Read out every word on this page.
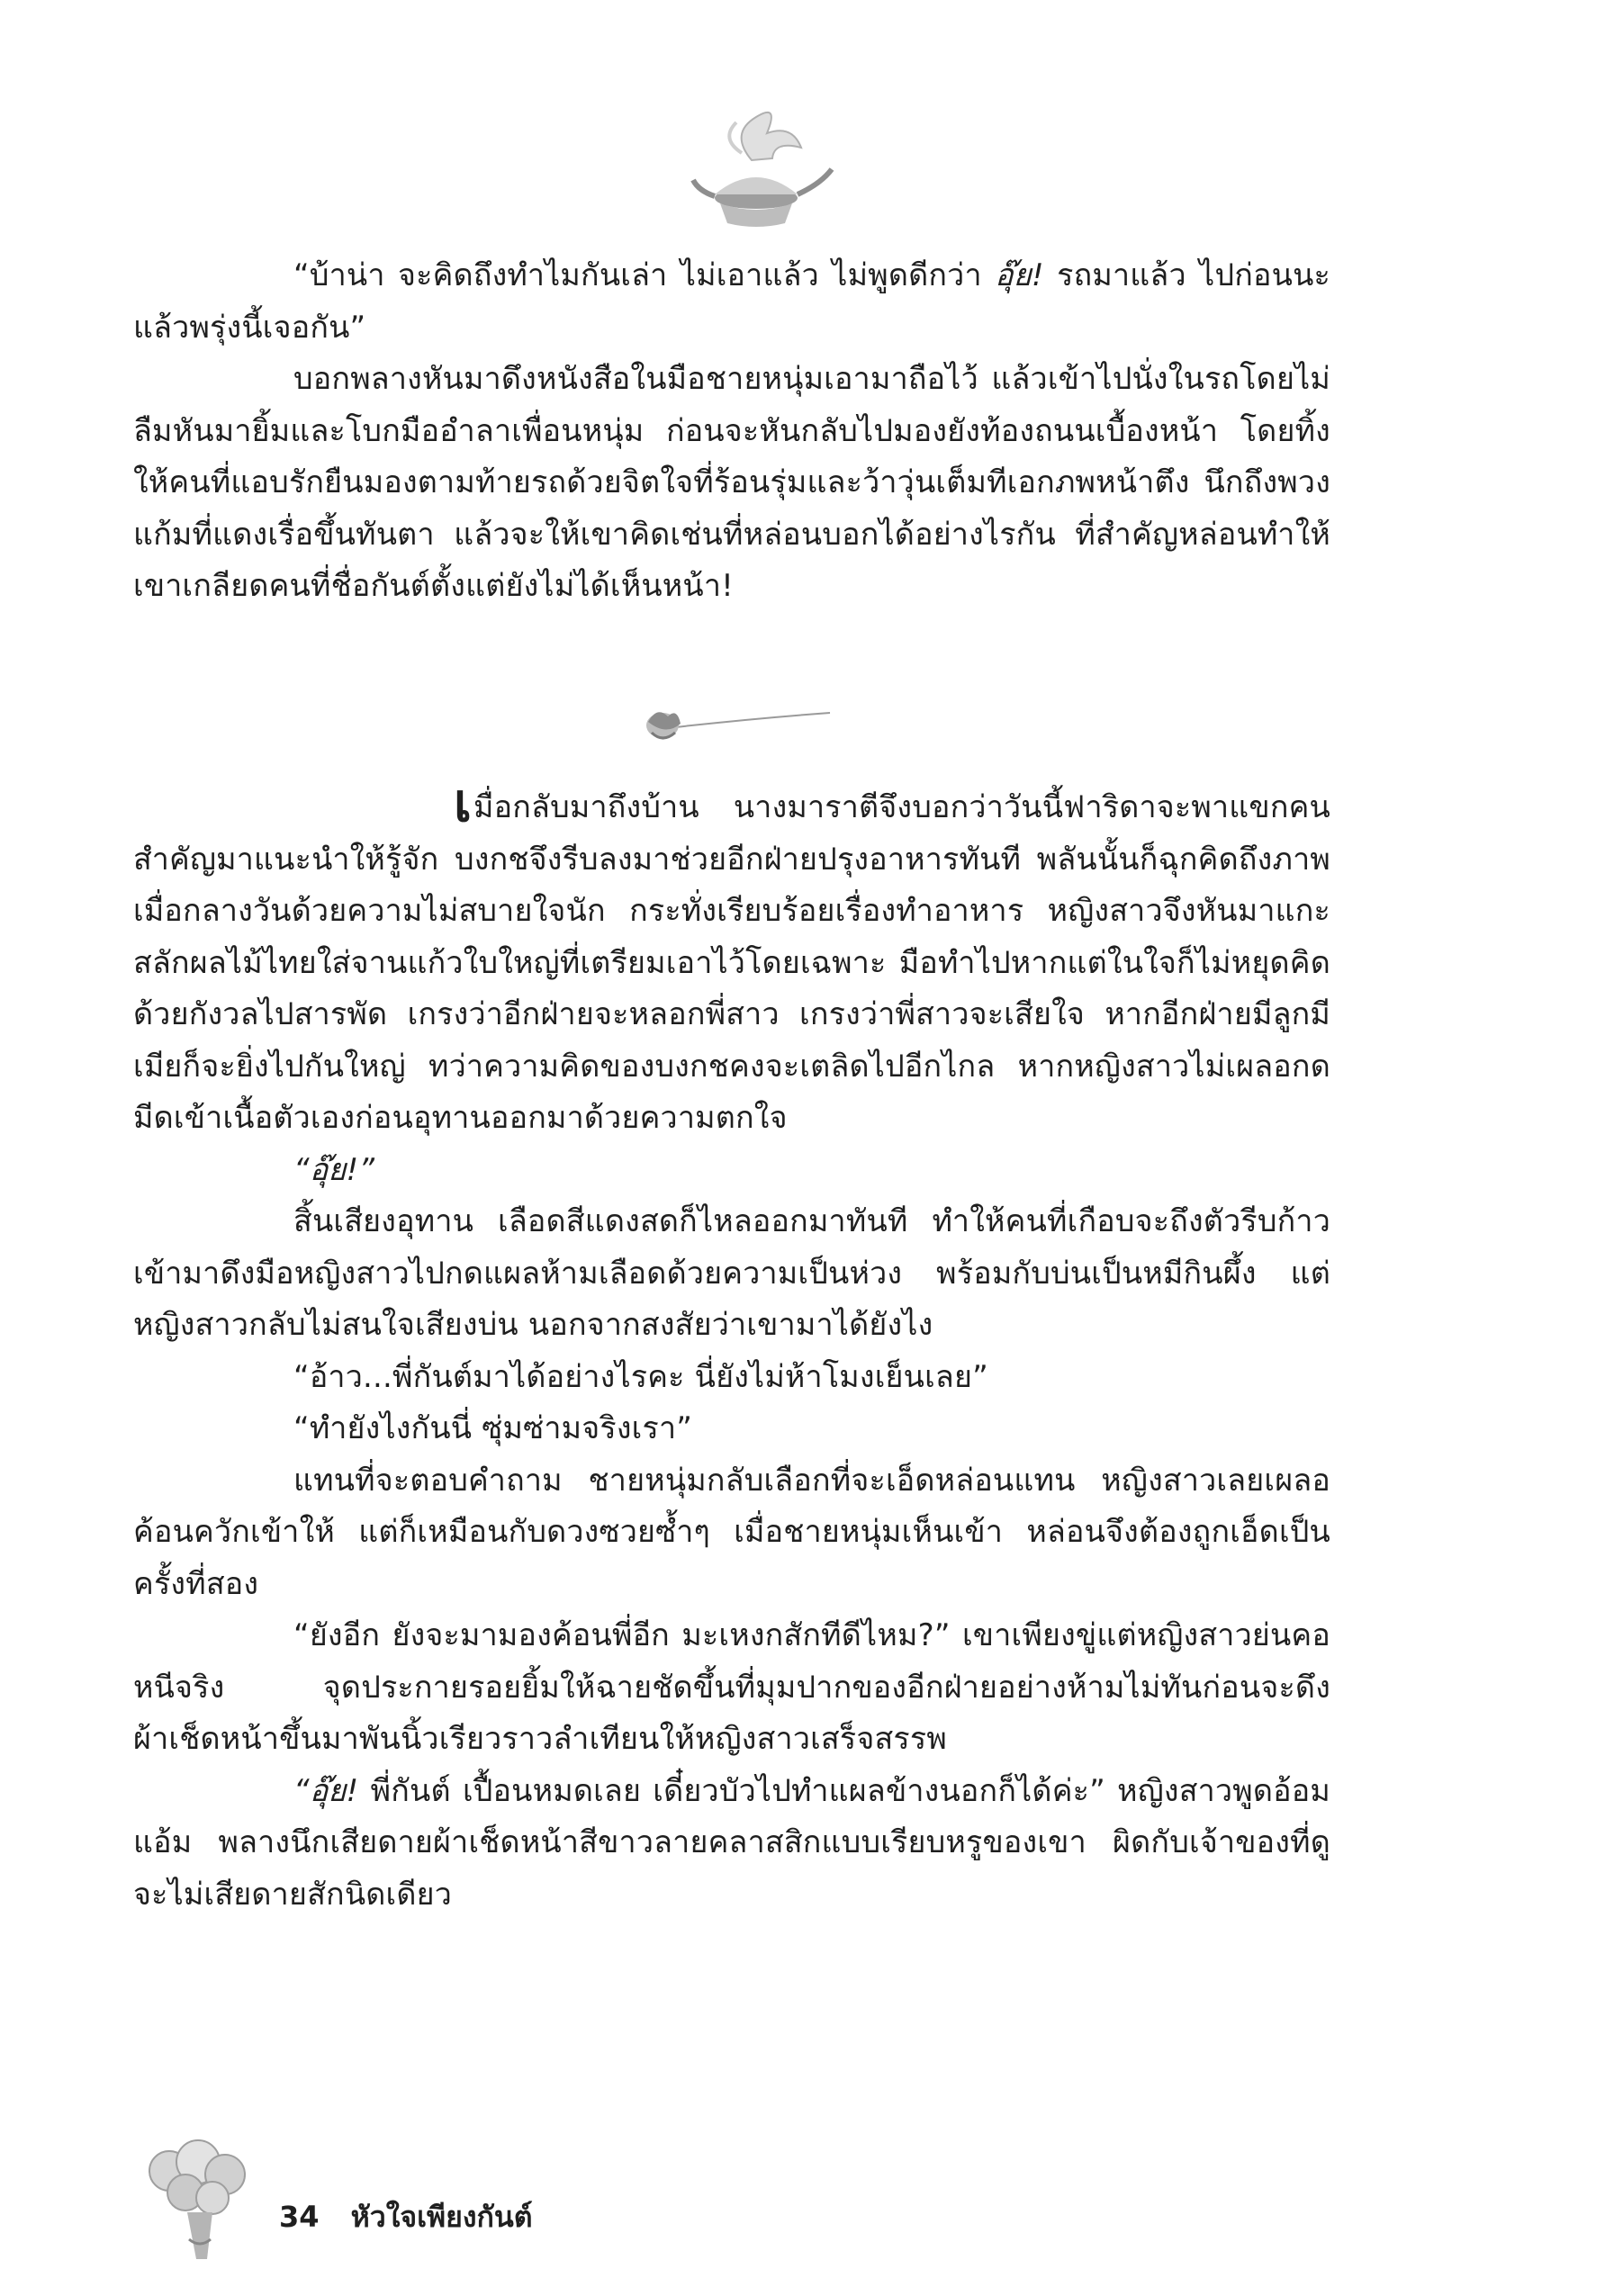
“บ้าน่า จะคิดถึงทำไมกันเล่า ไม่เอาแล้ว ไม่พูดดีกว่า อุ๊ย! รถมาแล้ว ไปก่อนนะ แล้วพรุ่งนี้เจอกัน”

บอกพลางหันมาดึงหนังสือในมือชายหนุ่มเอามาถือไว้ แล้วเข้าไปนั่งในรถโดยไม่ลืมหันมายิ้มและโบกมืออำลาเพื่อนหนุ่ม ก่อนจะหันกลับไปมองยังท้องถนนเบื้องหน้า โดยทิ้งให้คนที่แอบรักยืนมองตามท้ายรถด้วยจิตใจที่ร้อนรุ่มและว้าวุ่นเต็มทีเอกภพหน้าตึง นึกถึงพวงแก้มที่แดงเรื่อขึ้นทันตา แล้วจะให้เขาคิดเช่นที่หล่อนบอกได้อย่างไรกัน ที่สำคัญหล่อนทำให้เขาเกลียดคนที่ชื่อกันต์ตั้งแต่ยังไม่ได้เห็นหน้า!

เมื่อกลับมาถึงบ้าน นางมาราตีจึงบอกว่าวันนี้ฟาริดาจะพาแขกคนสำคัญมาแนะนำให้รู้จัก บงกชจึงรีบลงมาช่วยอีกฝ่ายปรุงอาหารทันที พลันนั้นก็ฉุกคิดถึงภาพเมื่อกลางวันด้วยความไม่สบายใจนัก กระทั่งเรียบร้อยเรื่องทำอาหาร หญิงสาวจึงหันมาแกะสลักผลไม้ไทยใส่จานแก้วใบใหญ่ที่เตรียมเอาไว้โดยเฉพาะ มือทำไปหากแต่ในใจก็ไม่หยุดคิด ด้วยกังวลไปสารพัด เกรงว่าอีกฝ่ายจะหลอกพี่สาว เกรงว่าพี่สาวจะเสียใจ หากอีกฝ่ายมีลูกมีเมียก็จะยิ่งไปกันใหญ่ ทว่าความคิดของบงกชคงจะเตลิดไปอีกไกล หากหญิงสาวไม่เผลอกดมีดเข้าเนื้อตัวเองก่อนอุทานออกมาด้วยความตกใจ

“อุ๊ย!”

สิ้นเสียงอุทาน เลือดสีแดงสดก็ไหลออกมาทันที ทำให้คนที่เกือบจะถึงตัวรีบก้าวเข้ามาดึงมือหญิงสาวไปกดแผลห้ามเลือดด้วยความเป็นห่วง พร้อมกับบ่นเป็นหมีกินผึ้ง แต่หญิงสาวกลับไม่สนใจเสียงบ่น นอกจากสงสัยว่าเขามาได้ยังไง

“อ้าว...พี่กันต์มาได้อย่างไรคะ นี่ยังไม่ห้าโมงเย็นเลย”

“ทำยังไงกันนี่ ซุ่มซ่ามจริงเรา”

แทนที่จะตอบคำถาม ชายหนุ่มกลับเลือกที่จะเอ็ดหล่อนแทน หญิงสาวเลยเผลอค้อนควักเข้าให้ แต่ก็เหมือนกับดวงซวยซ้ำๆ เมื่อชายหนุ่มเห็นเข้า หล่อนจึงต้องถูกเอ็ดเป็นครั้งที่สอง

“ยังอีก ยังจะมามองค้อนพี่อีก มะเหงกสักทีดีไหม?” เขาเพียงขู่แต่หญิงสาวย่นคอหนีจริง จุดประกายรอยยิ้มให้ฉายชัดขึ้นที่มุมปากของอีกฝ่ายอย่างห้ามไม่ทันก่อนจะดึงผ้าเช็ดหน้าขึ้นมาพันนิ้วเรียวราวลำเทียนให้หญิงสาวเสร็จสรรพ

“อุ๊ย! พี่กันต์ เปื้อนหมดเลย เดี๋ยวบัวไปทำแผลข้างนอกก็ได้ค่ะ” หญิงสาวพูดอ้อมแอ้ม พลางนึกเสียดายผ้าเช็ดหน้าสีขาวลายคลาสสิกแบบเรียบหรูของเขา ผิดกับเจ้าของที่ดูจะไม่เสียดายสักนิดเดียว

34 หัวใจเพียงกันต์
